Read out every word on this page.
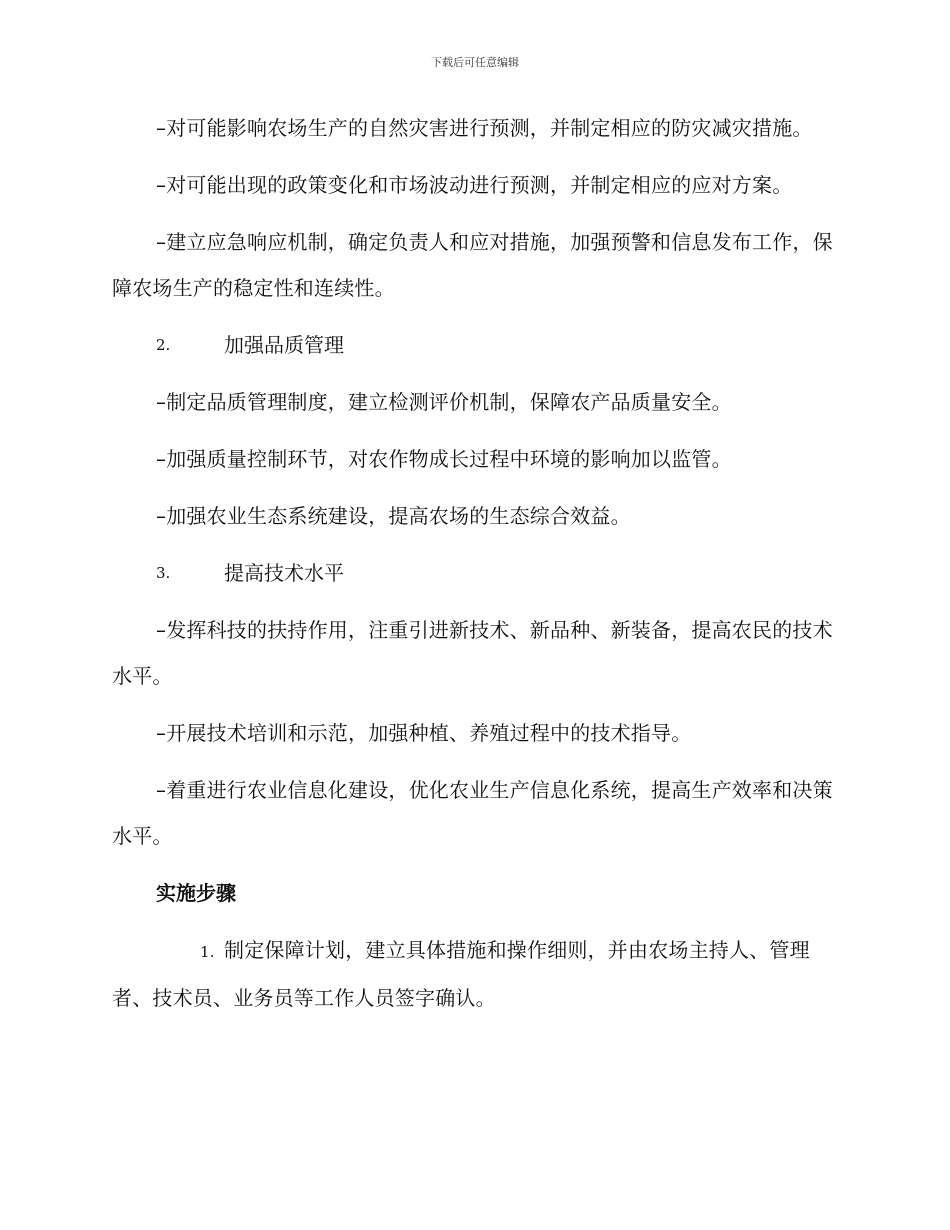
下载后可任意编辑

–对可能影响农场生产的自然灾害进行预测，并制定相应的防灾减灾措施。

–对可能出现的政策变化和市场波动进行预测，并制定相应的应对方案。

–建立应急响应机制，确定负责人和应对措施，加强预警和信息发布工作，保障农场生产的稳定性和连续性。

2.	加强品质管理

–制定品质管理制度，建立检测评价机制，保障农产品质量安全。

–加强质量控制环节，对农作物成长过程中环境的影响加以监管。

–加强农业生态系统建设，提高农场的生态综合效益。

3.	提高技术水平

–发挥科技的扶持作用，注重引进新技术、新品种、新装备，提高农民的技术水平。

–开展技术培训和示范，加强种植、养殖过程中的技术指导。

–着重进行农业信息化建设，优化农业生产信息化系统，提高生产效率和决策水平。

实施步骤

1. 制定保障计划，建立具体措施和操作细则，并由农场主持人、管理者、技术员、业务员等工作人员签字确认。
